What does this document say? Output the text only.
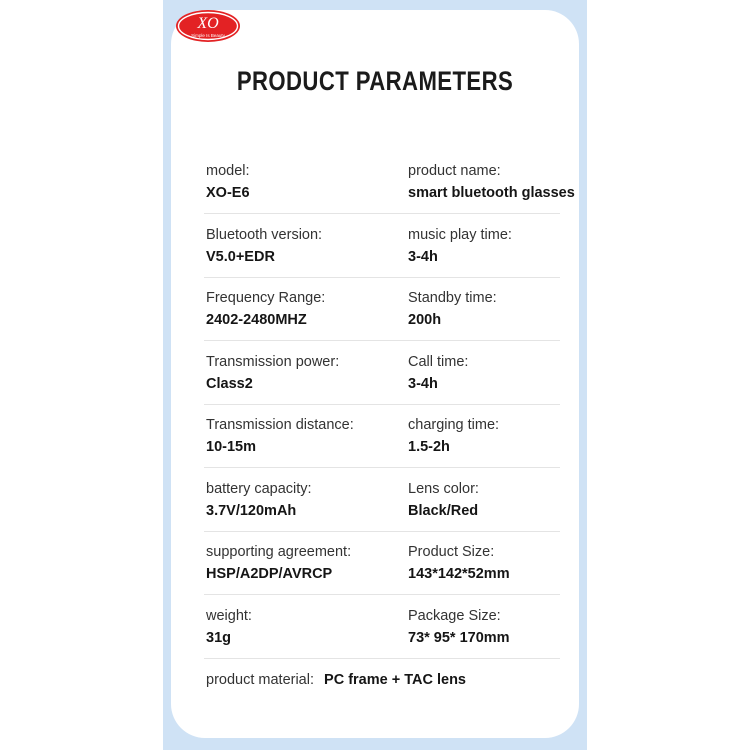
XO
Simple Is Beauty
PRODUCT PARAMETERS
model:
XO-E6
product name:
smart bluetooth glasses
Bluetooth version:
V5.0+EDR
music play time:
3-4h
Frequency Range:
2402-2480MHZ
Standby time:
200h
Transmission power:
Class2
Call time:
3-4h
Transmission distance:
10-15m
charging time:
1.5-2h
battery capacity:
3.7V/120mAh
Lens color:
Black/Red
supporting agreement:
HSP/A2DP/AVRCP
Product Size:
143*142*52mm
weight:
31g
Package Size:
73* 95* 170mm
product material: PC frame + TAC lens
